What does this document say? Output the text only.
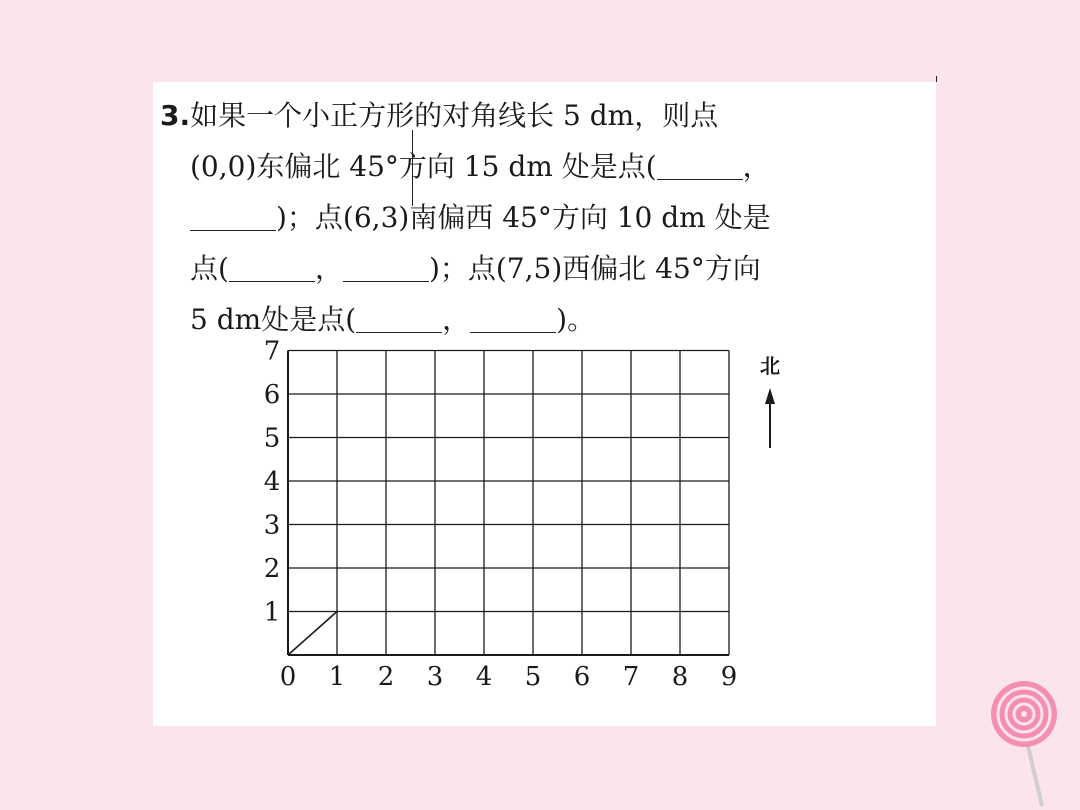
3.如果一个小正方形的对角线长 5 dm，则点
(0,0)东偏北 45°方向 15 dm 处是点(	，
)；点(6,3)南偏西 45°方向 10 dm 处是
点(	，	)；点(7,5)西偏北 45°方向
5 dm处是点(	，	)。
0 1 2 3 4 5 6 7 8 9
1
2
3
4
5
6
7	北
